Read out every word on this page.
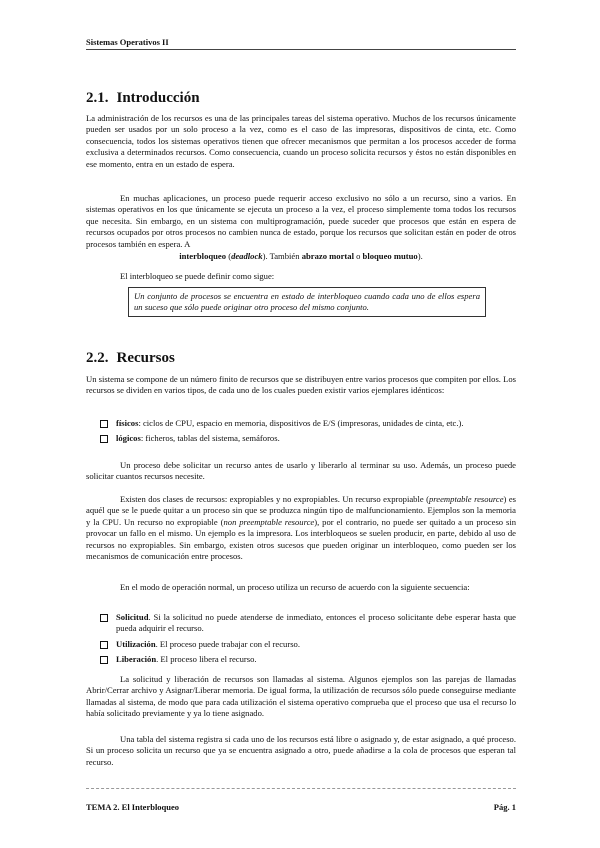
Sistemas Operativos II
2.1. Introducción

La administración de los recursos es una de las principales tareas del sistema operativo. Muchos de los recursos únicamente pueden ser usados por un solo proceso a la vez, como es el caso de las impresoras, dispositivos de cinta, etc. Como consecuencia, todos los sistemas operativos tienen que ofrecer mecanismos que permitan a los procesos acceder de forma exclusiva a determinados recursos. Como consecuencia, cuando un proceso solicita recursos y éstos no están disponibles en ese momento, entra en un estado de espera.

En muchas aplicaciones, un proceso puede requerir acceso exclusivo no sólo a un recurso, sino a varios. En sistemas operativos en los que únicamente se ejecuta un proceso a la vez, el proceso simplemente toma todos los recursos que necesita. Sin embargo, en un sistema con multiprogramación, puede suceder que procesos que están en espera de recursos ocupados por otros procesos no cambien nunca de estado, porque los recursos que solicitan están en poder de otros procesos también en espera. A

interbloqueo (deadlock). También abrazo mortal o bloqueo mutuo).

El interbloqueo se puede definir como sigue:

Un conjunto de procesos se encuentra en estado de interbloqueo cuando cada uno de ellos espera un suceso que sólo puede originar otro proceso del mismo conjunto.
2.2. Recursos

Un sistema se compone de un número finito de recursos que se distribuyen entre varios procesos que compiten por ellos. Los recursos se dividen en varios tipos, de cada uno de los cuales pueden existir varios ejemplares idénticos:

físicos: ciclos de CPU, espacio en memoria, dispositivos de E/S (impresoras, unidades de cinta, etc.).
lógicos: ficheros, tablas del sistema, semáforos.

Un proceso debe solicitar un recurso antes de usarlo y liberarlo al terminar su uso. Además, un proceso puede solicitar cuantos recursos necesite.

Existen dos clases de recursos: expropiables y no expropiables. Un recurso expropiable (preemptable resource) es aquél que se le puede quitar a un proceso sin que se produzca ningún tipo de malfuncionamiento. Ejemplos son la memoria y la CPU. Un recurso no expropiable (non preemptable resource), por el contrario, no puede ser quitado a un proceso sin provocar un fallo en el mismo. Un ejemplo es la impresora. Los interbloqueos se suelen producir, en parte, debido al uso de recursos no expropiables. Sin embargo, existen otros sucesos que pueden originar un interbloqueo, como pueden ser los mecanismos de comunicación entre procesos.

En el modo de operación normal, un proceso utiliza un recurso de acuerdo con la siguiente secuencia:

Solicitud. Si la solicitud no puede atenderse de inmediato, entonces el proceso solicitante debe esperar hasta que pueda adquirir el recurso.
Utilización. El proceso puede trabajar con el recurso.
Liberación. El proceso libera el recurso.

La solicitud y liberación de recursos son llamadas al sistema. Algunos ejemplos son las parejas de llamadas Abrir/Cerrar archivo y Asignar/Liberar memoria. De igual forma, la utilización de recursos sólo puede conseguirse mediante llamadas al sistema, de modo que para cada utilización el sistema operativo comprueba que el proceso que usa el recurso lo había solicitado previamente y ya lo tiene asignado.

Una tabla del sistema registra si cada uno de los recursos está libre o asignado y, de estar asignado, a qué proceso. Si un proceso solicita un recurso que ya se encuentra asignado a otro, puede añadirse a la cola de procesos que esperan tal recurso.

TEMA 2. El Interbloqueo	Pág. 1
